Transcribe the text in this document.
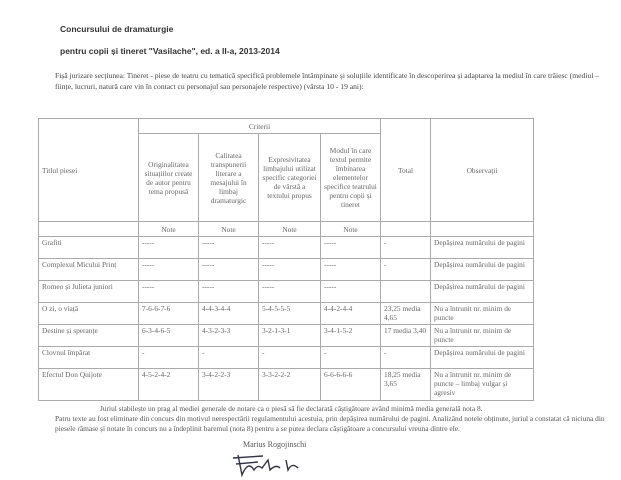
Concursului de dramaturgie
pentru copii și tineret "Vasilache", ed. a II-a, 2013-2014
Fișă jurizare secțiunea: Tineret - piese de teatru cu tematică specifică problemele întâmpinate și soluțiile identificate în descoperirea și adaptarea la mediul în care trăiesc (mediul – ființe, lucruri, natură care vin în contact cu personajul sau personajele respective) (vârsta 10 - 19 ani):
Titlul piesei	Criterii				Total	Observații
	Originalitatea situațiilor create de autor pentru tema propusă	Calitatea transpunerii literare a mesajului în limbaj dramaturgic	Expresivitatea limbajului utilizat specific categoriei de vârstă a textului propus	Modul în care textul permite îmbinarea elementelor specifice teatrului pentru copii și tineret		
	Note	Note	Note	Note		
Grafiti	-----	-----	-----	-----	-	Depășirea numărului de pagini
Complexul Micului Prinț	-----	-----	-----	-----	-	Depășirea numărului de pagini
Romeo și Julieta juniori	-----	-----	-----	-----		Depășirea numărului de pagini
O zi, o viață	7-6-6-7-6	4-4-3-4-4	5-4-5-5-5	4-4-2-4-4	23,25 media 4,65	Nu a întrunit nr. minim de puncte
Destine și speranțe	6-3-4-6-5	4-3-2-3-3	3-2-1-3-1	3-4-1-5-2	17 media 3,40	Nu a întrunit nr. minim de puncte
Clovnul împărat	-	-	-	-	-	Depășirea numărului de pagini
Efectul Don Quijote	4-5-2-4-2	3-4-2-2-3	3-3-2-2-2	6-6-6-6-6	18,25 media 3,65	Nu a întrunit nr. minim de puncte – limbaj vulgar și agresiv

Juriul stabilește un prag al mediei generale de notare ca o piesă să fie declarată câștigătoare având minimă media generală nota 8.

Patru texte au fost eliminate din concurs din motivul nerespectării regulamentului acestuia, prin depășirea numărului de pagini. Analizând notele obținute, juriul a constatat că niciuna din piesele rămase și notate în concurs nu a îndeplinit baremul (nota 8) pentru a se putea declara câștigătoare a concursului vreuna dintre ele.

Marius Rogojinschi
